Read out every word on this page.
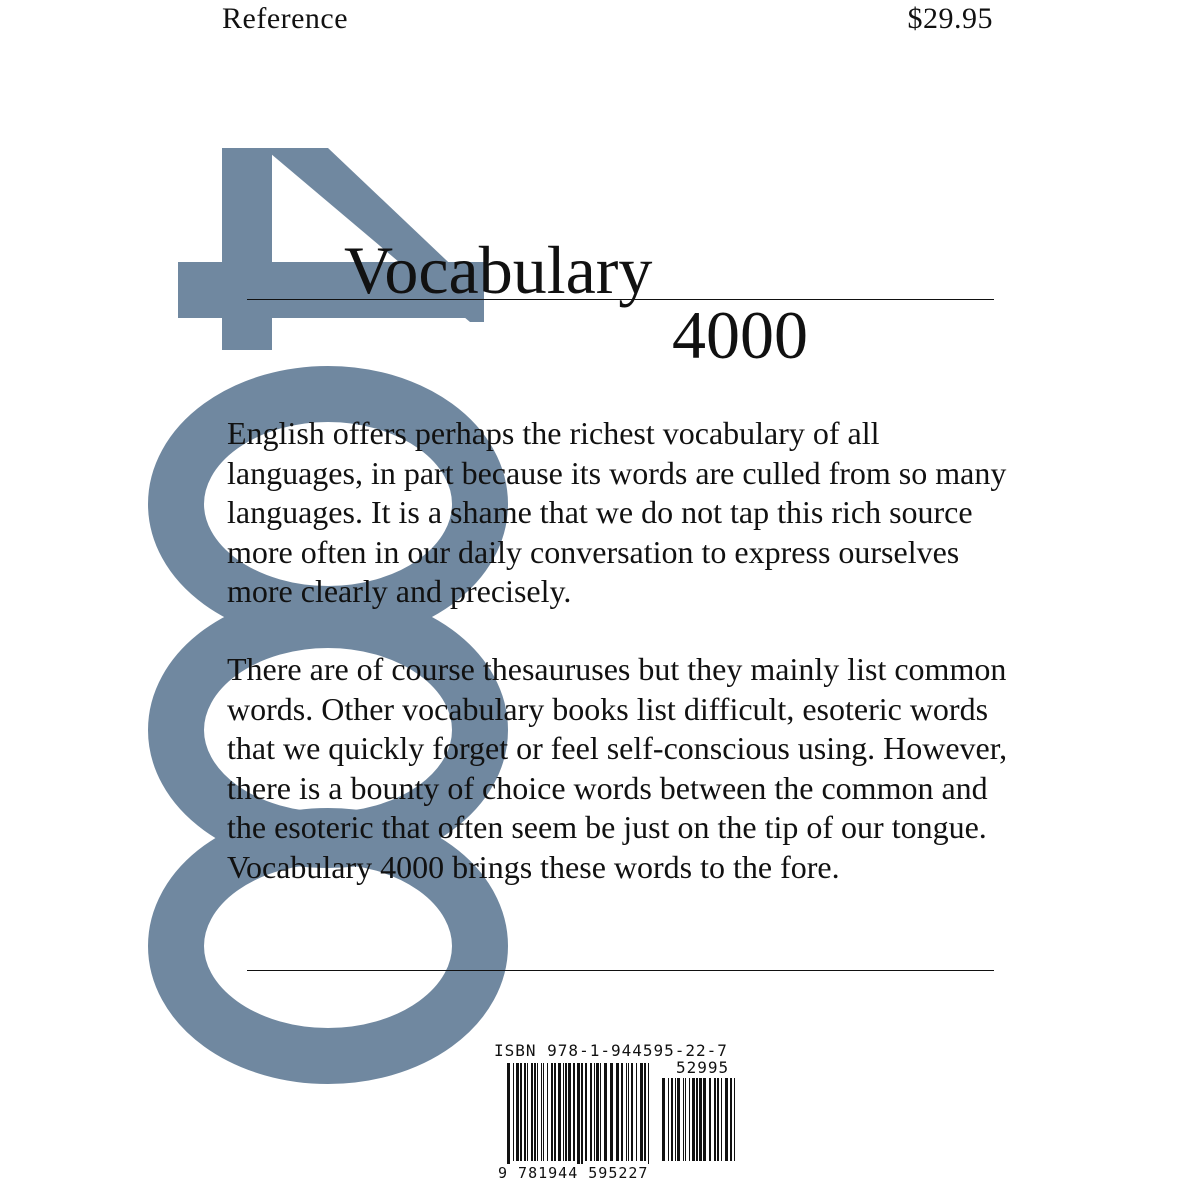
Reference	$29.95
Vocabulary
4000

English offers perhaps the richest vocabulary of all languages, in part because its words are culled from so many languages. It is a shame that we do not tap this rich source more often in our daily conversation to express ourselves more clearly and precisely.

There are of course thesauruses but they mainly list common words. Other vocabulary books list difficult, esoteric words that we quickly forget or feel self-conscious using. However, there is a bounty of choice words between the common and the esoteric that often seem be just on the tip of our tongue. Vocabulary 4000 brings these words to the fore.

ISBN 978-1-944595-22-7
52995
9 781944 595227
